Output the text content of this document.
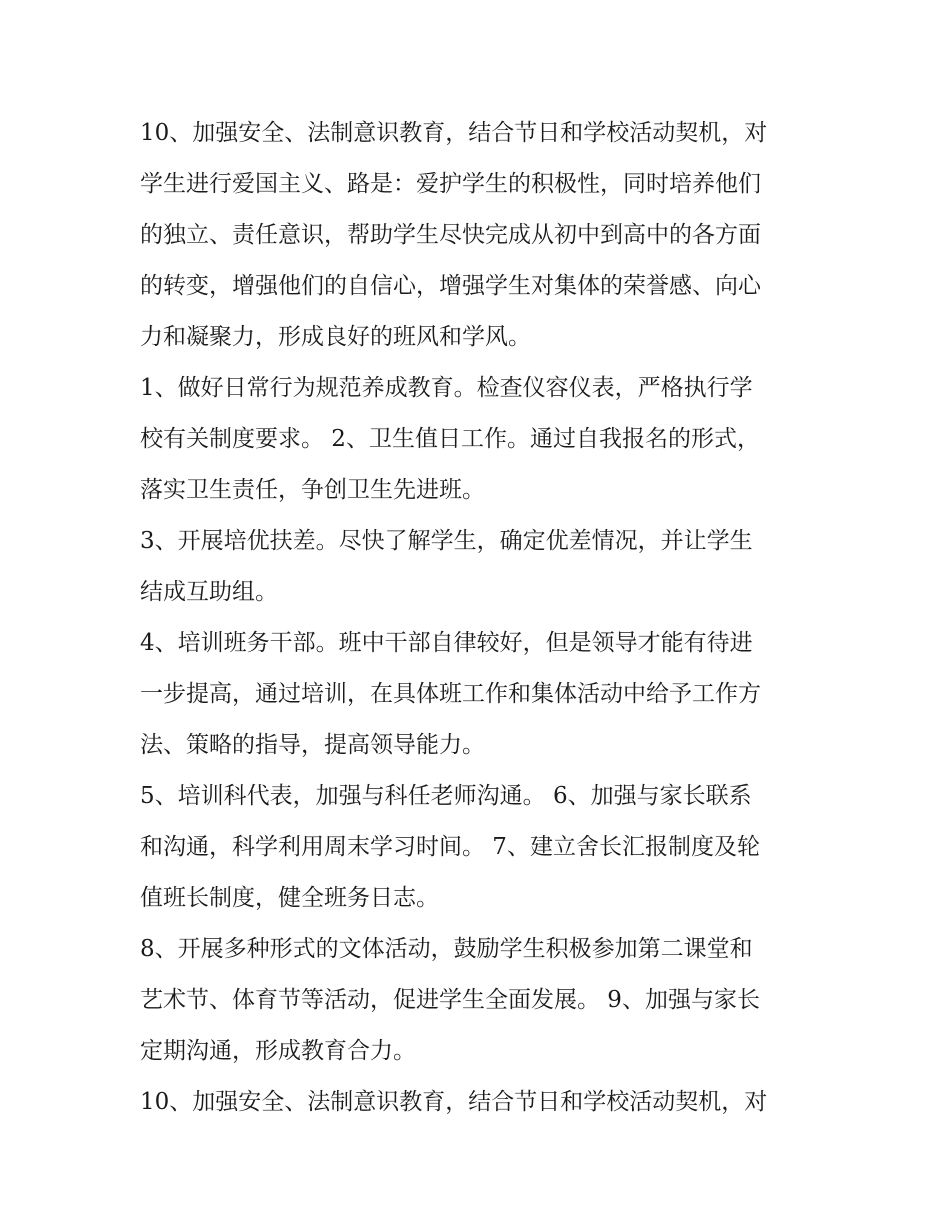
10、加强安全、法制意识教育，结合节日和学校活动契机，对
学生进行爱国主义、路是：爱护学生的积极性，同时培养他们
的独立、责任意识，帮助学生尽快完成从初中到高中的各方面
的转变，增强他们的自信心，增强学生对集体的荣誉感、向心
力和凝聚力，形成良好的班风和学风。
1、做好日常行为规范养成教育。检查仪容仪表，严格执行学
校有关制度要求。 2、卫生值日工作。通过自我报名的形式，
落实卫生责任，争创卫生先进班。
3、开展培优扶差。尽快了解学生，确定优差情况，并让学生
结成互助组。
4、培训班务干部。班中干部自律较好，但是领导才能有待进
一步提高，通过培训，在具体班工作和集体活动中给予工作方
法、策略的指导，提高领导能力。
5、培训科代表，加强与科任老师沟通。 6、加强与家长联系
和沟通，科学利用周末学习时间。 7、建立舍长汇报制度及轮
值班长制度，健全班务日志。
8、开展多种形式的文体活动，鼓励学生积极参加第二课堂和
艺术节、体育节等活动，促进学生全面发展。 9、加强与家长
定期沟通，形成教育合力。
10、加强安全、法制意识教育，结合节日和学校活动契机，对
